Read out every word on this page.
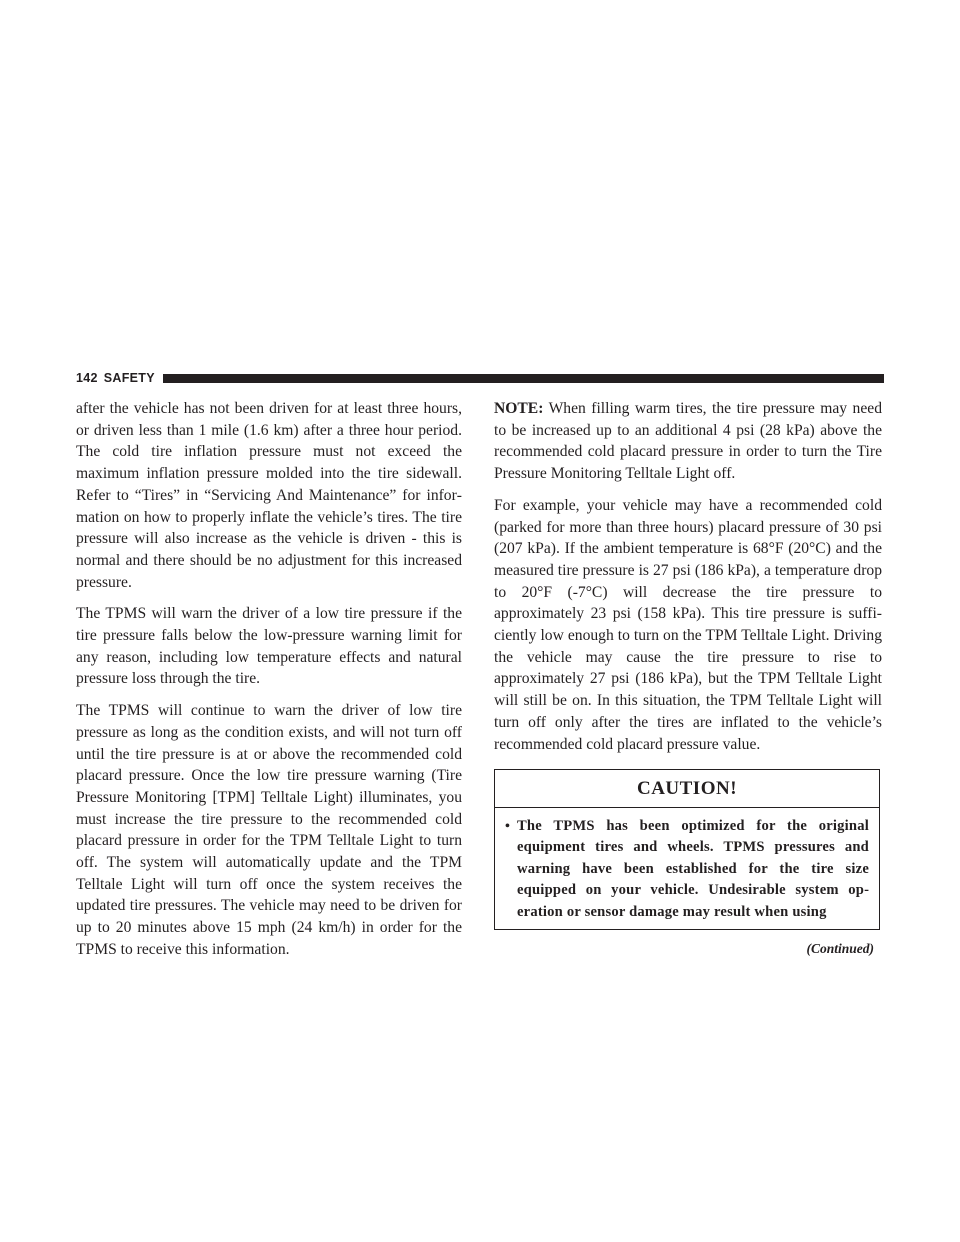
142 SAFETY

after the vehicle has not been driven for at least three hours, or driven less than 1 mile (1.6 km) after a three hour period. The cold tire inflation pressure must not exceed the maximum inflation pressure molded into the tire sidewall. Refer to “Tires” in “Servicing And Maintenance” for information on how to properly inflate the vehicle’s tires. The tire pressure will also increase as the vehicle is driven - this is normal and there should be no adjustment for this increased pressure.

The TPMS will warn the driver of a low tire pressure if the tire pressure falls below the low-pressure warning limit for any reason, including low temperature effects and natural pressure loss through the tire.

The TPMS will continue to warn the driver of low tire pressure as long as the condition exists, and will not turn off until the tire pressure is at or above the recommended cold placard pressure. Once the low tire pressure warning (Tire Pressure Monitoring [TPM] Telltale Light) illuminates, you must increase the tire pressure to the recommended cold placard pressure in order for the TPM Telltale Light to turn off. The system will automatically update and the TPM Telltale Light will turn off once the system receives the updated tire pressures. The vehicle may need to be driven for up to 20 minutes above 15 mph (24 km/h) in order for the TPMS to receive this information.

NOTE: When filling warm tires, the tire pressure may need to be increased up to an additional 4 psi (28 kPa) above the recommended cold placard pressure in order to turn the Tire Pressure Monitoring Telltale Light off.

For example, your vehicle may have a recommended cold (parked for more than three hours) placard pressure of 30 psi (207 kPa). If the ambient temperature is 68°F (20°C) and the measured tire pressure is 27 psi (186 kPa), a temperature drop to 20°F (-7°C) will decrease the tire pressure to approximately 23 psi (158 kPa). This tire pressure is sufficiently low enough to turn on the TPM Telltale Light. Driving the vehicle may cause the tire pressure to rise to approximately 27 psi (186 kPa), but the TPM Telltale Light will still be on. In this situation, the TPM Telltale Light will turn off only after the tires are inflated to the vehicle’s recommended cold placard pressure value.

CAUTION!
• The TPMS has been optimized for the original equipment tires and wheels. TPMS pressures and warning have been established for the tire size equipped on your vehicle. Undesirable system operation or sensor damage may result when using
(Continued)
